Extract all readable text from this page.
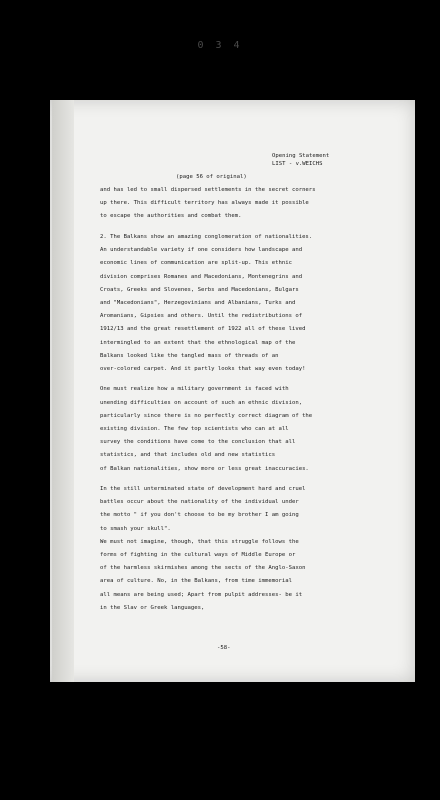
0 3 4
Opening Statement
LIST - v.WEICHS
(page 56 of original)
and has led to small dispersed settlements in the secret corners
up there. This difficult territory has always made it possible
to escape the authorities and combat them.
2. The Balkans show an amazing conglomeration of nationalities.
An understandable variety if one considers how landscape and
economic lines of communication are split-up. This ethnic
division comprises Romanes and Macedonians, Montenegrins and
Croats, Greeks and Slovenes, Serbs and Macedonians, Bulgars
and "Macedonians", Herzegovinians and Albanians, Turks and
Aromanians, Gipsies and others. Until the redistributions of
1912/13 and the great resettlement of 1922 all of these lived
intermingled to an extent that the ethnological map of the
Balkans looked like the tangled mass of threads of an
over-colored carpet. And it partly looks that way even today!
One must realize how a military government is faced with
unending difficulties on account of such an ethnic division,
particularly since there is no perfectly correct diagram of the
existing division. The few top scientists who can at all
survey the conditions have come to the conclusion that all
statistics, and that includes old and new statistics
of Balkan nationalities, show more or less great inaccuracies.
In the still unterminated state of development hard and cruel
battles occur about the nationality of the individual under
the motto " if you don't choose to be my brother I am going
to smash your skull".
We must not imagine, though, that this struggle follows the
forms of fighting in the cultural ways of Middle Europe or
of the harmless skirmishes among the sects of the Anglo-Saxon
area of culture. No, in the Balkans, from time immemorial
all means are being used; Apart from pulpit addresses- be it
in the Slav or Greek languages,
-58-
